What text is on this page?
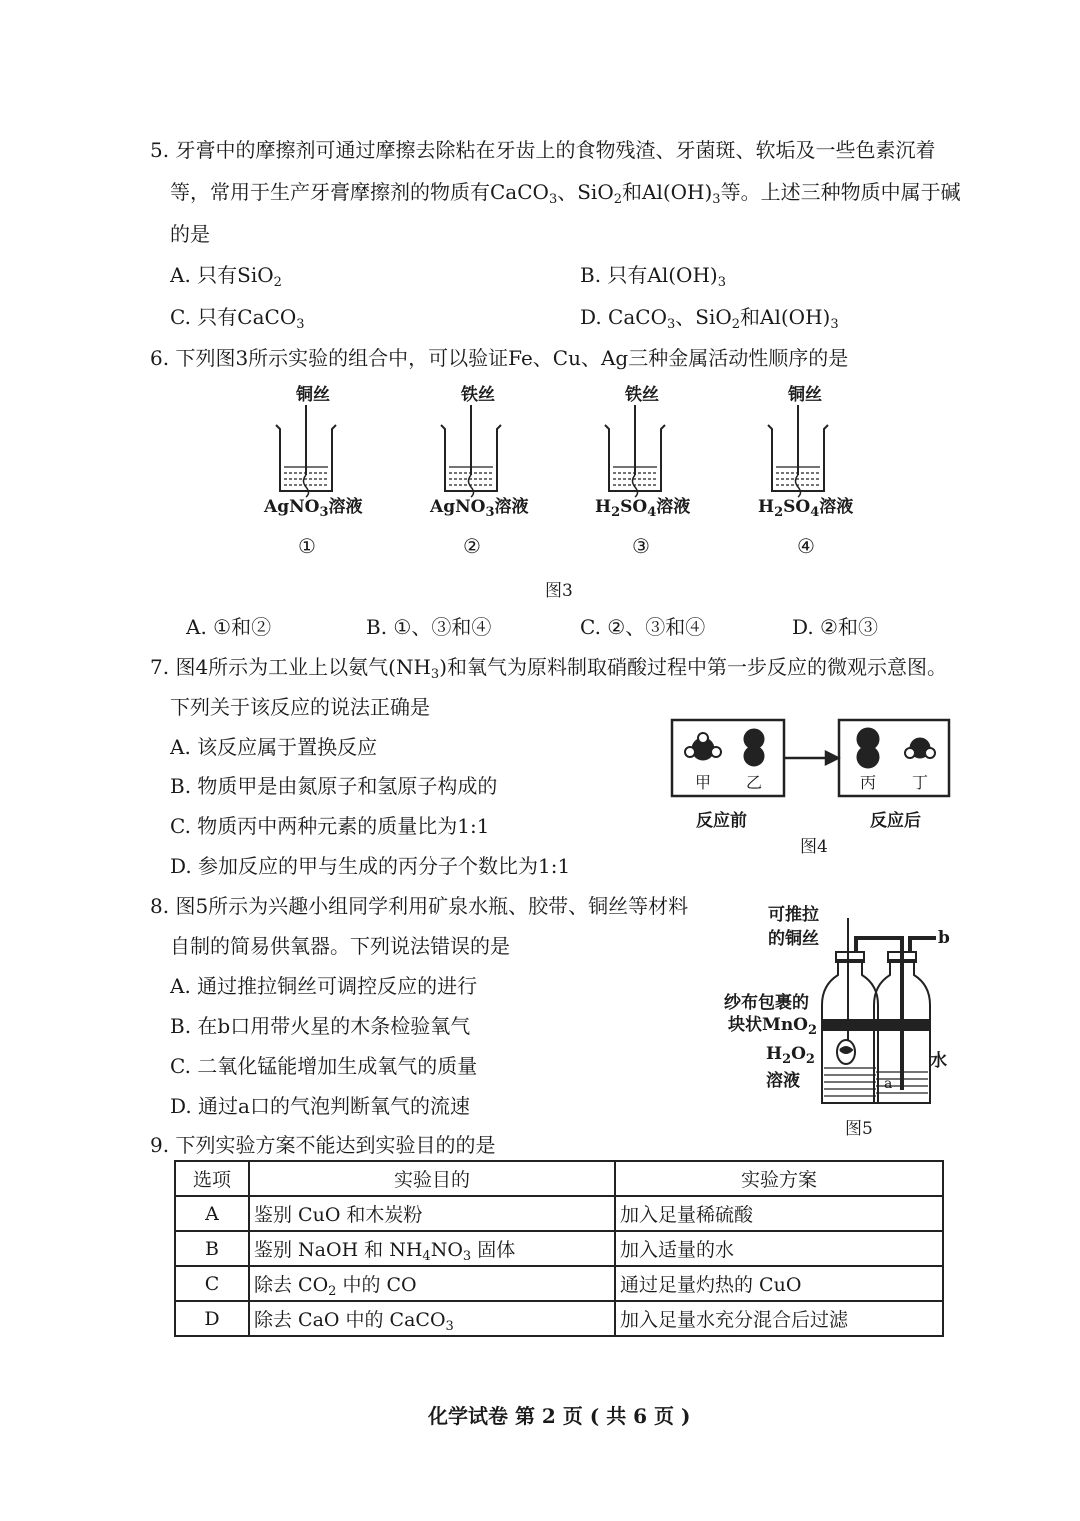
5. 牙膏中的摩擦剂可通过摩擦去除粘在牙齿上的食物残渣、牙菌斑、软垢及一些色素沉着
等，常用于生产牙膏摩擦剂的物质有CaCO$_3$、SiO$_2$和$Al(OH)_3$等。上述三种物质中属于碱
的是
A. 只有SiO$_2$	B. 只有$Al(OH)_3$
C. 只有CaCO$_3$	D. CaCO$_3$、SiO$_2$和$Al(OH)_3$
6. 下列图3所示实验的组合中，可以验证Fe、Cu、Ag三种金属活动性顺序的是
铜丝	铁丝	铁丝	铜丝
AgNO$_3$溶液	AgNO$_3$溶液	$H_2SO_4$溶液	$H_2SO_4$溶液
①	②	③	④
图3
A. ①和②	B. ①、③和④	C. ②、③和④	D. ②和③
7. 图4所示为工业上以氨气$(NH_3)$和氧气为原料制取硝酸过程中第一步反应的微观示意图。
下列关于该反应的说法正确是
A. 该反应属于置换反应
B. 物质甲是由氮原子和氢原子构成的
C. 物质丙中两种元素的质量比为1:1
D. 参加反应的甲与生成的丙分子个数比为1:1
甲 乙	丙 丁
反应前	反应后
图4
8. 图5所示为兴趣小组同学利用矿泉水瓶、胶带、铜丝等材料
自制的简易供氧器。下列说法错误的是
A. 通过推拉铜丝可调控反应的进行
B. 在b口用带火星的木条检验氧气
C. 二氧化锰能增加生成氧气的质量
D. 通过a口的气泡判断氧气的流速
可推拉
的铜丝	b
纱布包裹的
块状MnO$_2$
$H_2O_2$
溶液
水
a
图5
9. 下列实验方案不能达到实验目的的是
选项	实验目的	实验方案
A	鉴别 CuO 和木炭粉	加入足量稀硫酸
B	鉴别 NaOH 和 $NH_4NO_3$ 固体	加入适量的水
C	除去 $CO_2$ 中的 CO	通过足量灼热的 CuO
D	除去 CaO 中的 CaCO$_3$	加入足量水充分混合后过滤
化学试卷 第 2 页 ( 共 6 页 )
